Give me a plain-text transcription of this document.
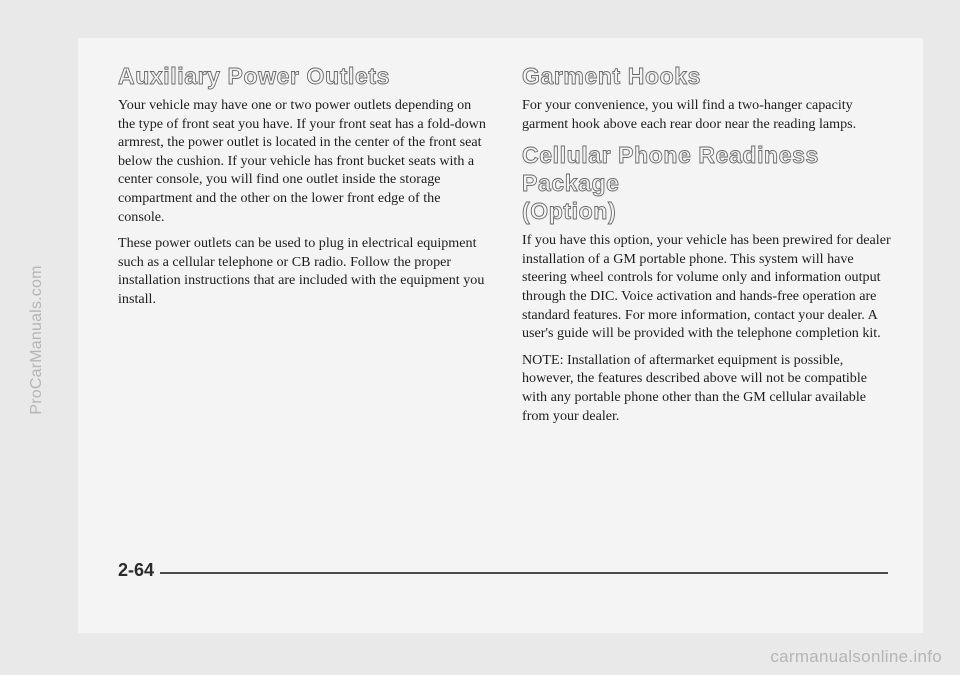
ProCarManuals.com
Auxiliary Power Outlets

Your vehicle may have one or two power outlets depending on the type of front seat you have. If your front seat has a fold-down armrest, the power outlet is located in the center of the front seat below the cushion. If your vehicle has front bucket seats with a center console, you will find one outlet inside the storage compartment and the other on the lower front edge of the console.

These power outlets can be used to plug in electrical equipment such as a cellular telephone or CB radio. Follow the proper installation instructions that are included with the equipment you install.

Garment Hooks

For your convenience, you will find a two-hanger capacity garment hook above each rear door near the reading lamps.

Cellular Phone Readiness Package
(Option)

If you have this option, your vehicle has been prewired for dealer installation of a GM portable phone. This system will have steering wheel controls for volume only and information output through the DIC. Voice activation and hands-free operation are standard features. For more information, contact your dealer. A user's guide will be provided with the telephone completion kit.

NOTE: Installation of aftermarket equipment is possible, however, the features described above will not be compatible with any portable phone other than the GM cellular available from your dealer.

2-64
carmanualsonline.info
